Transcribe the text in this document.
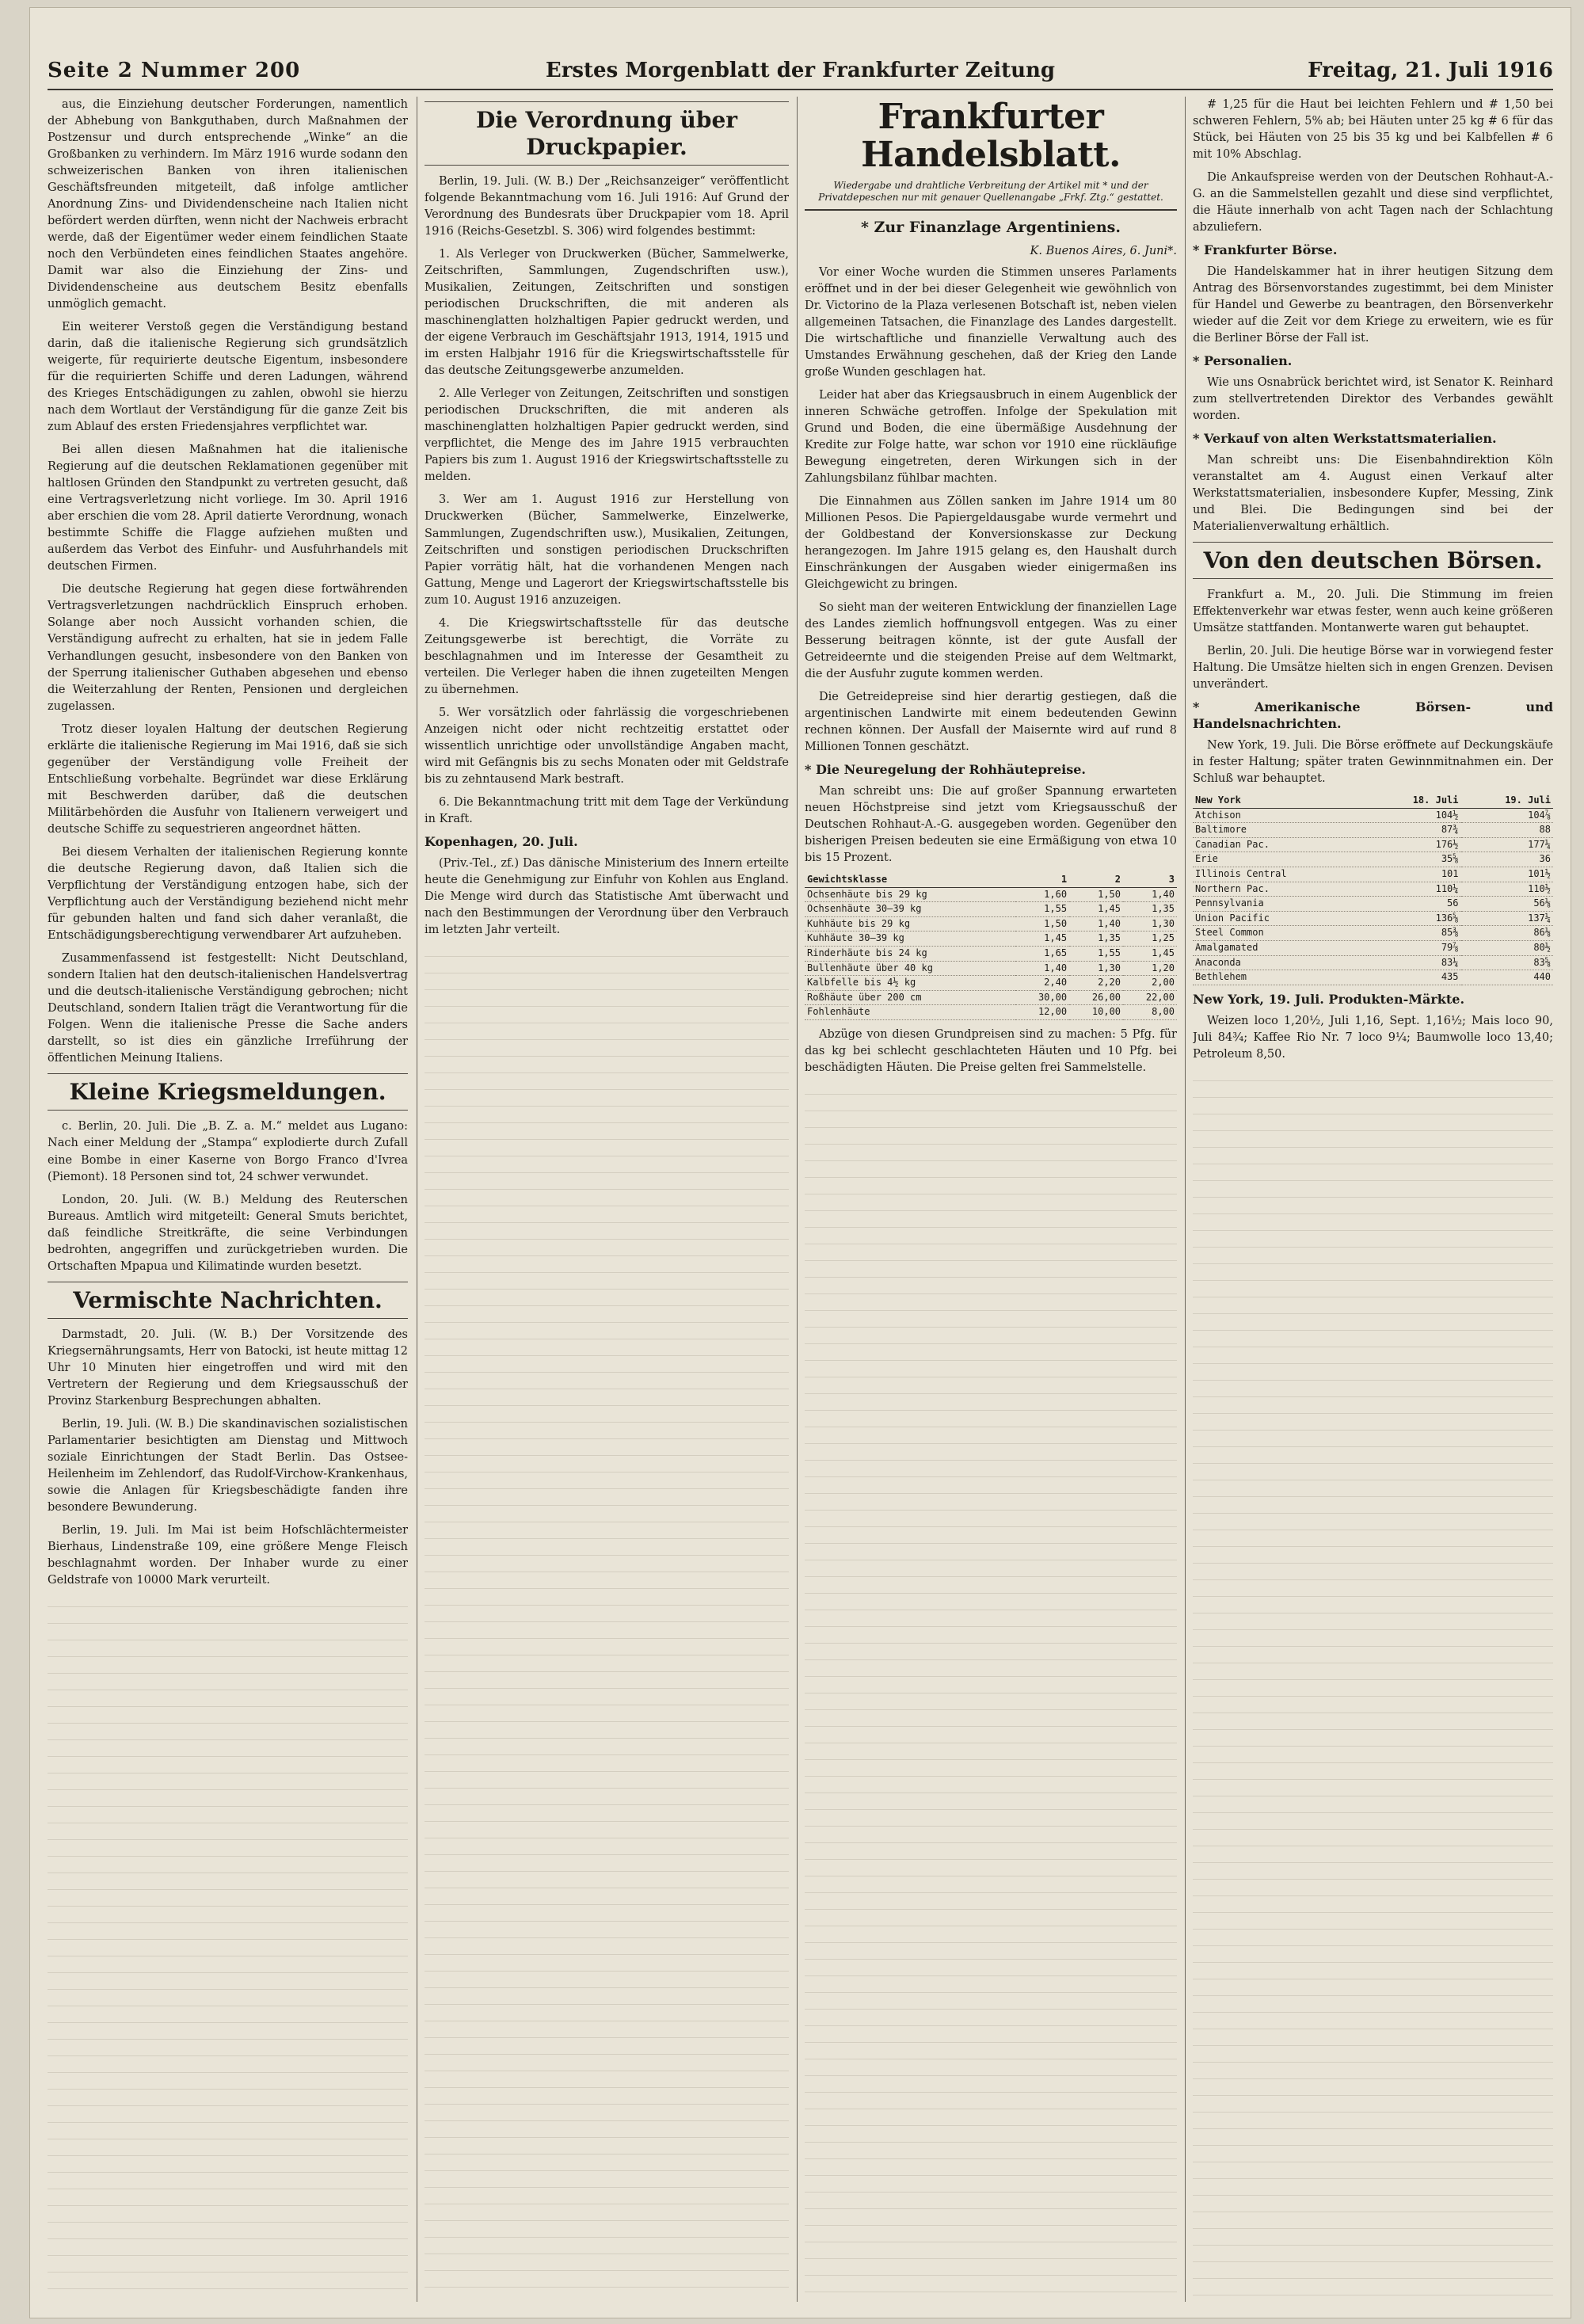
Seite 2 Nummer 200	Erstes Morgenblatt der Frankfurter Zeitung	Freitag, 21. Juli 1916

aus, die Einziehung deutscher Forderungen, namentlich der Abhebung von Bankguthaben, durch Maßnahmen der Postzensur und durch entsprechende „Winke“ an die Großbanken zu verhindern. Im März 1916 wurde sodann den schweizerischen Banken von ihren italienischen Geschäftsfreunden mitgeteilt, daß infolge amtlicher Anordnung Zins- und Dividendenscheine nach Italien nicht befördert werden dürften, wenn nicht der Nachweis erbracht werde, daß der Eigentümer weder einem feindlichen Staate noch den Verbündeten eines feindlichen Staates angehöre. Damit war also die Einziehung der Zins- und Dividendenscheine aus deutschem Besitz ebenfalls unmöglich gemacht.

Ein weiterer Verstoß gegen die Verständigung bestand darin, daß die italienische Regierung sich grundsätzlich weigerte, für requirierte deutsche Eigentum, insbesondere für die requirierten Schiffe und deren Ladungen, während des Krieges Entschädigungen zu zahlen, obwohl sie hierzu nach dem Wortlaut der Verständigung für die ganze Zeit bis zum Ablauf des ersten Friedensjahres verpflichtet war.

Bei allen diesen Maßnahmen hat die italienische Regierung auf die deutschen Reklamationen gegenüber mit haltlosen Gründen den Standpunkt zu vertreten gesucht, daß eine Vertragsverletzung nicht vorliege. Im 30. April 1916 aber erschien die vom 28. April datierte Verordnung, wonach bestimmte Schiffe die Flagge aufziehen mußten und außerdem das Verbot des Einfuhr- und Ausfuhrhandels mit deutschen Firmen.

Die deutsche Regierung hat gegen diese fortwährenden Vertragsverletzungen nachdrücklich Einspruch erhoben. Solange aber noch Aussicht vorhanden schien, die Verständigung aufrecht zu erhalten, hat sie in jedem Falle Verhandlungen gesucht, insbesondere von den Banken von der Sperrung italienischer Guthaben abgesehen und ebenso die Weiterzahlung der Renten, Pensionen und dergleichen zugelassen.

Trotz dieser loyalen Haltung der deutschen Regierung erklärte die italienische Regierung im Mai 1916, daß sie sich gegenüber der Verständigung volle Freiheit der Entschließung vorbehalte. Begründet war diese Erklärung mit Beschwerden darüber, daß die deutschen Militärbehörden die Ausfuhr von Italienern verweigert und deutsche Schiffe zu sequestrieren angeordnet hätten.

Bei diesem Verhalten der italienischen Regierung konnte die deutsche Regierung davon, daß Italien sich die Verpflichtung der Verständigung entzogen habe, sich der Verpflichtung auch der Verständigung beziehend nicht mehr für gebunden halten und fand sich daher veranlaßt, die Entschädigungsberechtigung verwendbarer Art aufzuheben.

Zusammenfassend ist festgestellt: Nicht Deutschland, sondern Italien hat den deutsch-italienischen Handelsvertrag und die deutsch-italienische Verständigung gebrochen; nicht Deutschland, sondern Italien trägt die Verantwortung für die Folgen. Wenn die italienische Presse die Sache anders darstellt, so ist dies ein gänzliche Irreführung der öffentlichen Meinung Italiens.

Kleine Kriegsmeldungen.

c. Berlin, 20. Juli. Die „B. Z. a. M.“ meldet aus Lugano: Nach einer Meldung der „Stampa“ explodierte durch Zufall eine Bombe in einer Kaserne von Borgo Franco d'Ivrea (Piemont). 18 Personen sind tot, 24 schwer verwundet.

London, 20. Juli. (W. B.) Meldung des Reuterschen Bureaus. Amtlich wird mitgeteilt: General Smuts berichtet, daß feindliche Streitkräfte, die seine Verbindungen bedrohten, angegriffen und zurückgetrieben wurden. Die Ortschaften Mpapua und Kilimatinde wurden besetzt.

Vermischte Nachrichten.

Darmstadt, 20. Juli. (W. B.) Der Vorsitzende des Kriegsernährungsamts, Herr von Batocki, ist heute mittag 12 Uhr 10 Minuten hier eingetroffen und wird mit den Vertretern der Regierung und dem Kriegsausschuß der Provinz Starkenburg Besprechungen abhalten.

Berlin, 19. Juli. (W. B.) Die skandinavischen sozialistischen Parlamentarier besichtigten am Dienstag und Mittwoch soziale Einrichtungen der Stadt Berlin. Das Ostsee-Heilenheim im Zehlendorf, das Rudolf-Virchow-Krankenhaus, sowie die Anlagen für Kriegsbeschädigte fanden ihre besondere Bewunderung.

Berlin, 19. Juli. Im Mai ist beim Hofschlächtermeister Bierhaus, Lindenstraße 109, eine größere Menge Fleisch beschlagnahmt worden. Der Inhaber wurde zu einer Geldstrafe von 10000 Mark verurteilt.

Die Verordnung über Druckpapier.

Berlin, 19. Juli. (W. B.) Der „Reichsanzeiger“ veröffentlicht folgende Bekanntmachung vom 16. Juli 1916: Auf Grund der Verordnung des Bundesrats über Druckpapier vom 18. April 1916 (Reichs-Gesetzbl. S. 306) wird folgendes bestimmt:

1. Als Verleger von Druckwerken (Bücher, Sammelwerke, Zeitschriften, Sammlungen, Zugendschriften usw.), Musikalien, Zeitungen, Zeitschriften und sonstigen periodischen Druckschriften, die mit anderen als maschinenglatten holzhaltigen Papier gedruckt werden, und der eigene Verbrauch im Geschäftsjahr 1913, 1914, 1915 und im ersten Halbjahr 1916 für die Kriegswirtschaftsstelle für das deutsche Zeitungsgewerbe anzumelden.

2. Alle Verleger von Zeitungen, Zeitschriften und sonstigen periodischen Druckschriften, die mit anderen als maschinenglatten holzhaltigen Papier gedruckt werden, sind verpflichtet, die Menge des im Jahre 1915 verbrauchten Papiers bis zum 1. August 1916 der Kriegswirtschaftsstelle zu melden.

3. Wer am 1. August 1916 zur Herstellung von Druckwerken (Bücher, Sammelwerke, Einzelwerke, Sammlungen, Zugendschriften usw.), Musikalien, Zeitungen, Zeitschriften und sonstigen periodischen Druckschriften Papier vorrätig hält, hat die vorhandenen Mengen nach Gattung, Menge und Lagerort der Kriegswirtschaftsstelle bis zum 10. August 1916 anzuzeigen.

4. Die Kriegswirtschaftsstelle für das deutsche Zeitungsgewerbe ist berechtigt, die Vorräte zu beschlagnahmen und im Interesse der Gesamtheit zu verteilen. Die Verleger haben die ihnen zugeteilten Mengen zu übernehmen.

5. Wer vorsätzlich oder fahrlässig die vorgeschriebenen Anzeigen nicht oder nicht rechtzeitig erstattet oder wissentlich unrichtige oder unvollständige Angaben macht, wird mit Gefängnis bis zu sechs Monaten oder mit Geldstrafe bis zu zehntausend Mark bestraft.

6. Die Bekanntmachung tritt mit dem Tage der Verkündung in Kraft.

Kopenhagen, 20. Juli.

(Priv.-Tel., zf.) Das dänische Ministerium des Innern erteilte heute die Genehmigung zur Einfuhr von Kohlen aus England. Die Menge wird durch das Statistische Amt überwacht und nach den Bestimmungen der Verordnung über den Verbrauch im letzten Jahr verteilt.

Frankfurter Handelsblatt.
Wiedergabe und drahtliche Verbreitung der Artikel mit * und der Privatdepeschen nur mit genauer Quellenangabe „Frkf. Ztg.“ gestattet.
* Zur Finanzlage Argentiniens.
K. Buenos Aires, 6. Juni*.

Vor einer Woche wurden die Stimmen unseres Parlaments eröffnet und in der bei dieser Gelegenheit wie gewöhnlich von Dr. Victorino de la Plaza verlesenen Botschaft ist, neben vielen allgemeinen Tatsachen, die Finanzlage des Landes dargestellt. Die wirtschaftliche und finanzielle Verwaltung auch des Umstandes Erwähnung geschehen, daß der Krieg den Lande große Wunden geschlagen hat.

Leider hat aber das Kriegsausbruch in einem Augenblick der inneren Schwäche getroffen. Infolge der Spekulation mit Grund und Boden, die eine übermäßige Ausdehnung der Kredite zur Folge hatte, war schon vor 1910 eine rückläufige Bewegung eingetreten, deren Wirkungen sich in der Zahlungsbilanz fühlbar machten.

Die Einnahmen aus Zöllen sanken im Jahre 1914 um 80 Millionen Pesos. Die Papiergeldausgabe wurde vermehrt und der Goldbestand der Konversionskasse zur Deckung herangezogen. Im Jahre 1915 gelang es, den Haushalt durch Einschränkungen der Ausgaben wieder einigermaßen ins Gleichgewicht zu bringen.

So sieht man der weiteren Entwicklung der finanziellen Lage des Landes ziemlich hoffnungsvoll entgegen. Was zu einer Besserung beitragen könnte, ist der gute Ausfall der Getreideernte und die steigenden Preise auf dem Weltmarkt, die der Ausfuhr zugute kommen werden.

Die Getreidepreise sind hier derartig gestiegen, daß die argentinischen Landwirte mit einem bedeutenden Gewinn rechnen können. Der Ausfall der Maisernte wird auf rund 8 Millionen Tonnen geschätzt.

* Die Neuregelung der Rohhäutepreise.

Man schreibt uns: Die auf großer Spannung erwarteten neuen Höchstpreise sind jetzt vom Kriegsausschuß der Deutschen Rohhaut-A.-G. ausgegeben worden. Gegenüber den bisherigen Preisen bedeuten sie eine Ermäßigung von etwa 10 bis 15 Prozent.

Gewichtsklasse	1	2	3
Ochsenhäute bis 29 kg	1,60	1,50	1,40
Ochsenhäute 30—39 kg	1,55	1,45	1,35
Kuhhäute bis 29 kg	1,50	1,40	1,30
Kuhhäute 30—39 kg	1,45	1,35	1,25
Rinderhäute bis 24 kg	1,65	1,55	1,45
Bullenhäute über 40 kg	1,40	1,30	1,20
Kalbfelle bis 4½ kg	2,40	2,20	2,00
Roßhäute über 200 cm	30,00	26,00	22,00
Fohlenhäute	12,00	10,00	8,00

Abzüge von diesen Grundpreisen sind zu machen: 5 Pfg. für das kg bei schlecht geschlachteten Häuten und 10 Pfg. bei beschädigten Häuten. Die Preise gelten frei Sammelstelle.

# 1,25 für die Haut bei leichten Fehlern und # 1,50 bei schweren Fehlern, 5% ab; bei Häuten unter 25 kg # 6 für das Stück, bei Häuten von 25 bis 35 kg und bei Kalbfellen # 6 mit 10% Abschlag.

Die Ankaufspreise werden von der Deutschen Rohhaut-A.-G. an die Sammelstellen gezahlt und diese sind verpflichtet, die Häute innerhalb von acht Tagen nach der Schlachtung abzuliefern.

* Frankfurter Börse.

Die Handelskammer hat in ihrer heutigen Sitzung dem Antrag des Börsenvorstandes zugestimmt, bei dem Minister für Handel und Gewerbe zu beantragen, den Börsenverkehr wieder auf die Zeit vor dem Kriege zu erweitern, wie es für die Berliner Börse der Fall ist.

* Personalien.

Wie uns Osnabrück berichtet wird, ist Senator K. Reinhard zum stellvertretenden Direktor des Verbandes gewählt worden.

* Verkauf von alten Werkstattsmaterialien.

Man schreibt uns: Die Eisenbahndirektion Köln veranstaltet am 4. August einen Verkauf alter Werkstattsmaterialien, insbesondere Kupfer, Messing, Zink und Blei. Die Bedingungen sind bei der Materialienverwaltung erhältlich.

Von den deutschen Börsen.

Frankfurt a. M., 20. Juli. Die Stimmung im freien Effektenverkehr war etwas fester, wenn auch keine größeren Umsätze stattfanden. Montanwerte waren gut behauptet.

Berlin, 20. Juli. Die heutige Börse war in vorwiegend fester Haltung. Die Umsätze hielten sich in engen Grenzen. Devisen unverändert.

* Amerikanische Börsen- und Handelsnachrichten.

New York, 19. Juli. Die Börse eröffnete auf Deckungskäufe in fester Haltung; später traten Gewinnmitnahmen ein. Der Schluß war behauptet.

New York	18. Juli	19. Juli
Atchison	104½	104⅞
Baltimore	87¾	88
Canadian Pac.	176½	177¼
Erie	35⅝	36
Illinois Central	101	101½
Northern Pac.	110¼	110½
Pennsylvania	56	56⅛
Union Pacific	136⅝	137¼
Steel Common	85⅜	86⅛
Amalgamated	79⅞	80½
Anaconda	83¼	83⅝
Bethlehem	435	440
New York, 19. Juli. Produkten-Märkte.

Weizen loco 1,20½, Juli 1,16, Sept. 1,16½; Mais loco 90, Juli 84¾; Kaffee Rio Nr. 7 loco 9¼; Baumwolle loco 13,40; Petroleum 8,50.
